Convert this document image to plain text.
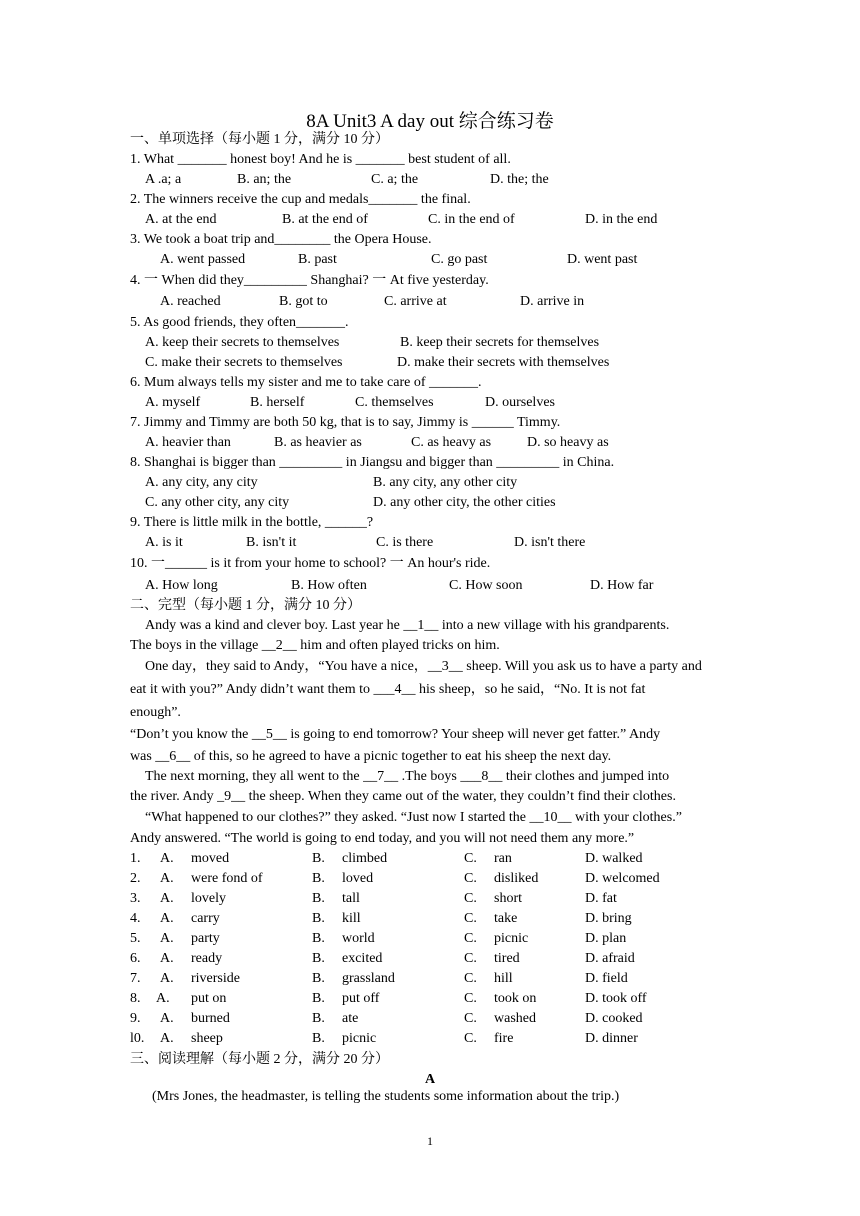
8A Unit3 A day out 综合练习卷
一、单项选择（每小题 1 分，满分 10 分）
1. What _______ honest boy! And he is _______ best student of all.
A .a; a	B. an; the	C. a; the	D. the; the
2. The winners receive the cup and medals_______ the final.
A. at the end	B. at the end of	C. in the end of	D. in the end
3. We took a boat trip and________ the Opera House.
A. went passed	B. past	C. go past	D. went past
4. 一 When did they_________ Shanghai? 一 At five yesterday.
A. reached	B. got to	C. arrive at	D. arrive in
5. As good friends, they often_______.
A. keep their secrets to themselves	B. keep their secrets for themselves
C. make their secrets to themselves	D. make their secrets with themselves
6. Mum always tells my sister and me to take care of _______.
A. myself	B. herself	C. themselves	D. ourselves
7. Jimmy and Timmy are both 50 kg, that is to say, Jimmy is ______ Timmy.
A. heavier than	B. as heavier as	C. as heavy as	D. so heavy as
8. Shanghai is bigger than _________ in Jiangsu and bigger than _________ in China.
A. any city, any city	B. any city, any other city
C. any other city, any city	D. any other city, the other cities
9. There is little milk in the bottle, ______?
A. is it	B. isn't it	C. is there	D. isn't there
10. 一______ is it from your home to school? 一 An hour's ride.
A. How long	B. How often	C. How soon	D. How far
二、完型（每小题 1 分，满分 10 分）
Andy was a kind and clever boy. Last year he __1__ into a new village with his grandparents.
The boys in the village __2__ him and often played tricks on him.
One day，they said to Andy，“You have a nice，__3__ sheep. Will you ask us to have a party and
eat it with you?” Andy didn’t want them to ___4__ his sheep，so he said，“No. It is not fat
enough”.
“Don’t you know the __5__ is going to end tomorrow? Your sheep will never get fatter.” Andy
was __6__ of this, so he agreed to have a picnic together to eat his sheep the next day.
The next morning, they all went to the __7__ .The boys ___8__ their clothes and jumped into
the river. Andy _9__ the sheep. When they came out of the water, they couldn’t find their clothes.
“What happened to our clothes?” they asked. “Just now I started the __10__ with your clothes.”
Andy answered. “The world is going to end today, and you will not need them any more.”
1. A. moved	B. climbed	C. ran	D. walked
2. A. were fond of	B. loved	C. disliked	D. welcomed
3. A. lovely	B. tall	C. short	D. fat
4. A. carry	B. kill	C. take	D. bring
5. A. party	B. world	C. picnic	D. plan
6. A. ready	B. excited	C. tired	D. afraid
7. A. riverside	B. grassland	C. hill	D. field
8. A. put on	B. put off	C. took on	D. took off
9. A. burned	B. ate	C. washed	D. cooked
l0. A. sheep	B. picnic	C. fire	D. dinner
三、阅读理解（每小题 2 分，满分 20 分）
A
(Mrs Jones, the headmaster, is telling the students some information about the trip.)
1
